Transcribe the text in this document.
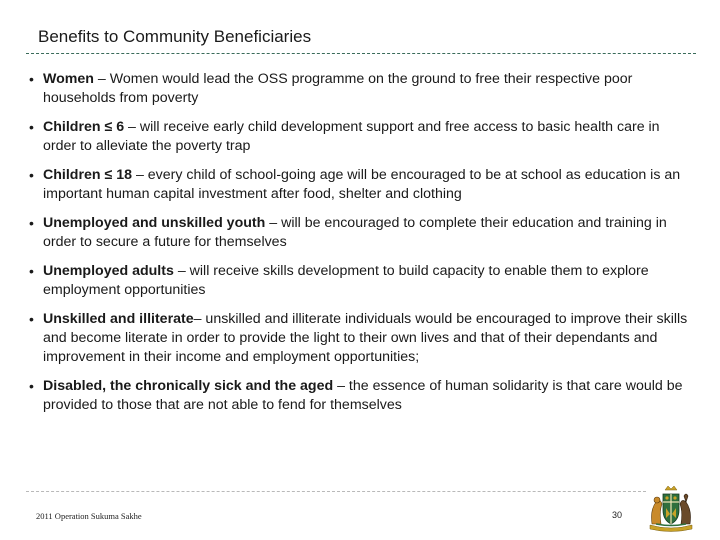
Benefits to Community Beneficiaries
• Women – Women would lead the OSS programme on the ground to free their respective poor households from poverty
• Children ≤ 6 – will receive early child development support and free access to basic health care in order to alleviate the poverty trap
• Children ≤ 18 – every child of school-going age will be encouraged to be at school as education is an important human capital investment after food, shelter and clothing
• Unemployed and unskilled youth – will be encouraged to complete their education and training in order to secure a future for themselves
• Unemployed adults – will receive skills development to build capacity to enable them to explore employment opportunities
• Unskilled and illiterate– unskilled and illiterate individuals would be encouraged to improve their skills and become literate in order to provide the light to their own lives and that of their dependants and improvement in their income and employment opportunities;
• Disabled, the chronically sick and the aged – the essence of human solidarity is that care would be provided to those that are not able to fend for themselves
2011 Operation Sukuma Sakhe	30
